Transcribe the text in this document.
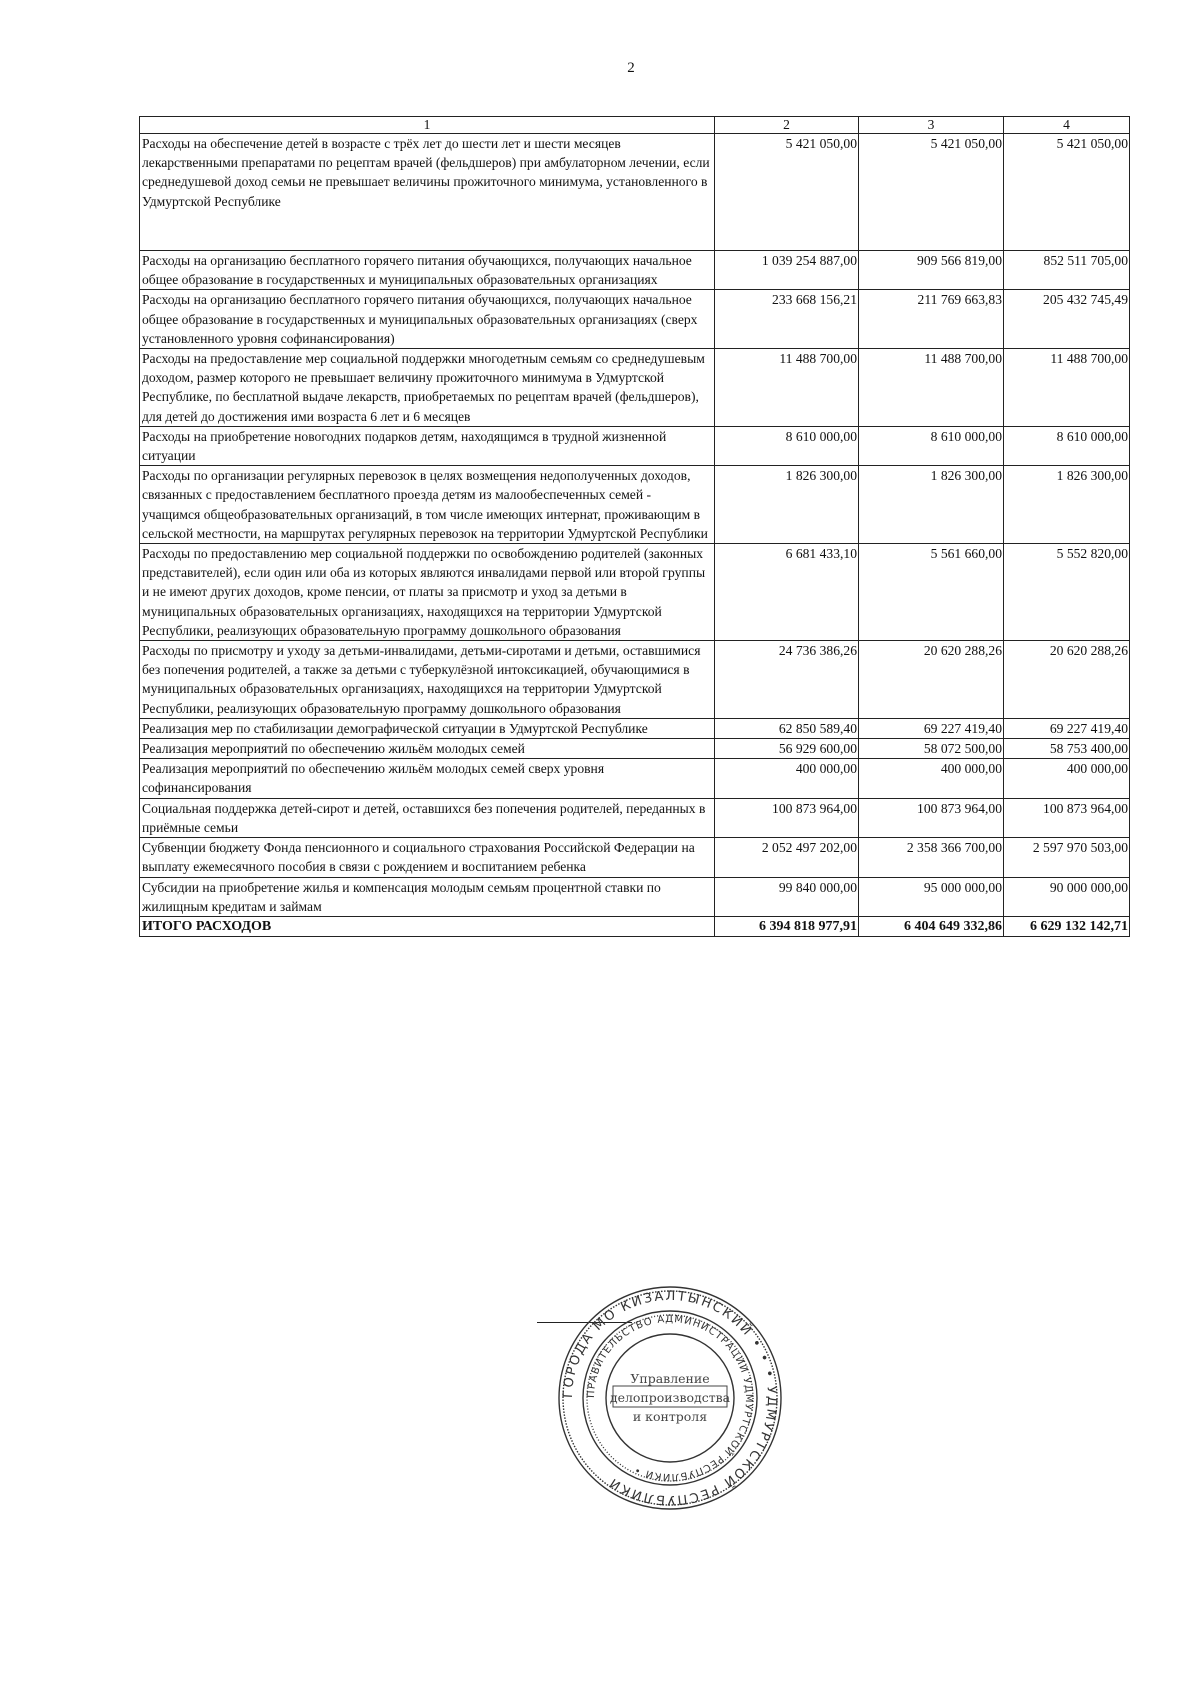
2
1	2	3	4
Расходы на обеспечение детей в возрасте с трёх лет до шести лет и шести месяцев лекарственными препаратами по рецептам врачей (фельдшеров) при амбулаторном лечении, если среднедушевой доход семьи не превышает величины прожиточного минимума, установленного в Удмуртской Республике	5 421 050,00	5 421 050,00	5 421 050,00
Расходы на организацию бесплатного горячего питания обучающихся, получающих начальное общее образование в государственных и муниципальных образовательных организациях	1 039 254 887,00	909 566 819,00	852 511 705,00
Расходы на организацию бесплатного горячего питания обучающихся, получающих начальное общее образование в государственных и муниципальных образовательных организациях (сверх установленного уровня софинансирования)	233 668 156,21	211 769 663,83	205 432 745,49
Расходы на предоставление мер социальной поддержки многодетным семьям со среднедушевым доходом, размер которого не превышает величину прожиточного минимума в Удмуртской Республике, по бесплатной выдаче лекарств, приобретаемых по рецептам врачей (фельдшеров), для детей до достижения ими возраста 6 лет и 6 месяцев	11 488 700,00	11 488 700,00	11 488 700,00
Расходы на приобретение новогодних подарков детям, находящимся в трудной жизненной ситуации	8 610 000,00	8 610 000,00	8 610 000,00
Расходы по организации регулярных перевозок в целях возмещения недополученных доходов, связанных с предоставлением бесплатного проезда детям из малообеспеченных семей - учащимся общеобразовательных организаций, в том числе имеющих интернат, проживающим в сельской местности, на маршрутах регулярных перевозок на территории Удмуртской Республики	1 826 300,00	1 826 300,00	1 826 300,00
Расходы по предоставлению мер социальной поддержки по освобождению родителей (законных представителей), если один или оба из которых являются инвалидами первой или второй группы и не имеют других доходов, кроме пенсии, от платы за присмотр и уход за детьми в муниципальных образовательных организациях, находящихся на территории Удмуртской Республики, реализующих образовательную программу дошкольного образования	6 681 433,10	5 561 660,00	5 552 820,00
Расходы по присмотру и уходу за детьми-инвалидами, детьми-сиротами и детьми, оставшимися без попечения родителей, а также за детьми с туберкулёзной интоксикацией, обучающимися в муниципальных образовательных организациях, находящихся на территории Удмуртской Республики, реализующих образовательную программу дошкольного образования	24 736 386,26	20 620 288,26	20 620 288,26
Реализация мер по стабилизации демографической ситуации в Удмуртской Республике	62 850 589,40	69 227 419,40	69 227 419,40
Реализация мероприятий по обеспечению жильём молодых семей	56 929 600,00	58 072 500,00	58 753 400,00
Реализация мероприятий по обеспечению жильём молодых семей сверх уровня софинансирования	400 000,00	400 000,00	400 000,00
Социальная поддержка детей-сирот и детей, оставшихся без попечения родителей, переданных в приёмные семьи	100 873 964,00	100 873 964,00	100 873 964,00
Субвенции бюджету Фонда пенсионного и социального страхования Российской Федерации на выплату ежемесячного пособия в связи с рождением и воспитанием ребенка	2 052 497 202,00	2 358 366 700,00	2 597 970 503,00
Субсидии на приобретение жилья и компенсация молодым семьям процентной ставки по жилищным кредитам и займам	99 840 000,00	95 000 000,00	90 000 000,00
ИТОГО РАСХОДОВ	6 394 818 977,91	6 404 649 332,86	6 629 132 142,71
ГОРОДА МО КИЗАЛТЫНСКИЙ • • • УДМУРТСКОЙ РЕСПУБЛИКИ
ПРАВИТЕЛЬСТВО АДМИНИСТРАЦИИ УДМУРТСКОЙ РЕСПУБЛИКИ •
Управление
делопроизводства
и контроля
